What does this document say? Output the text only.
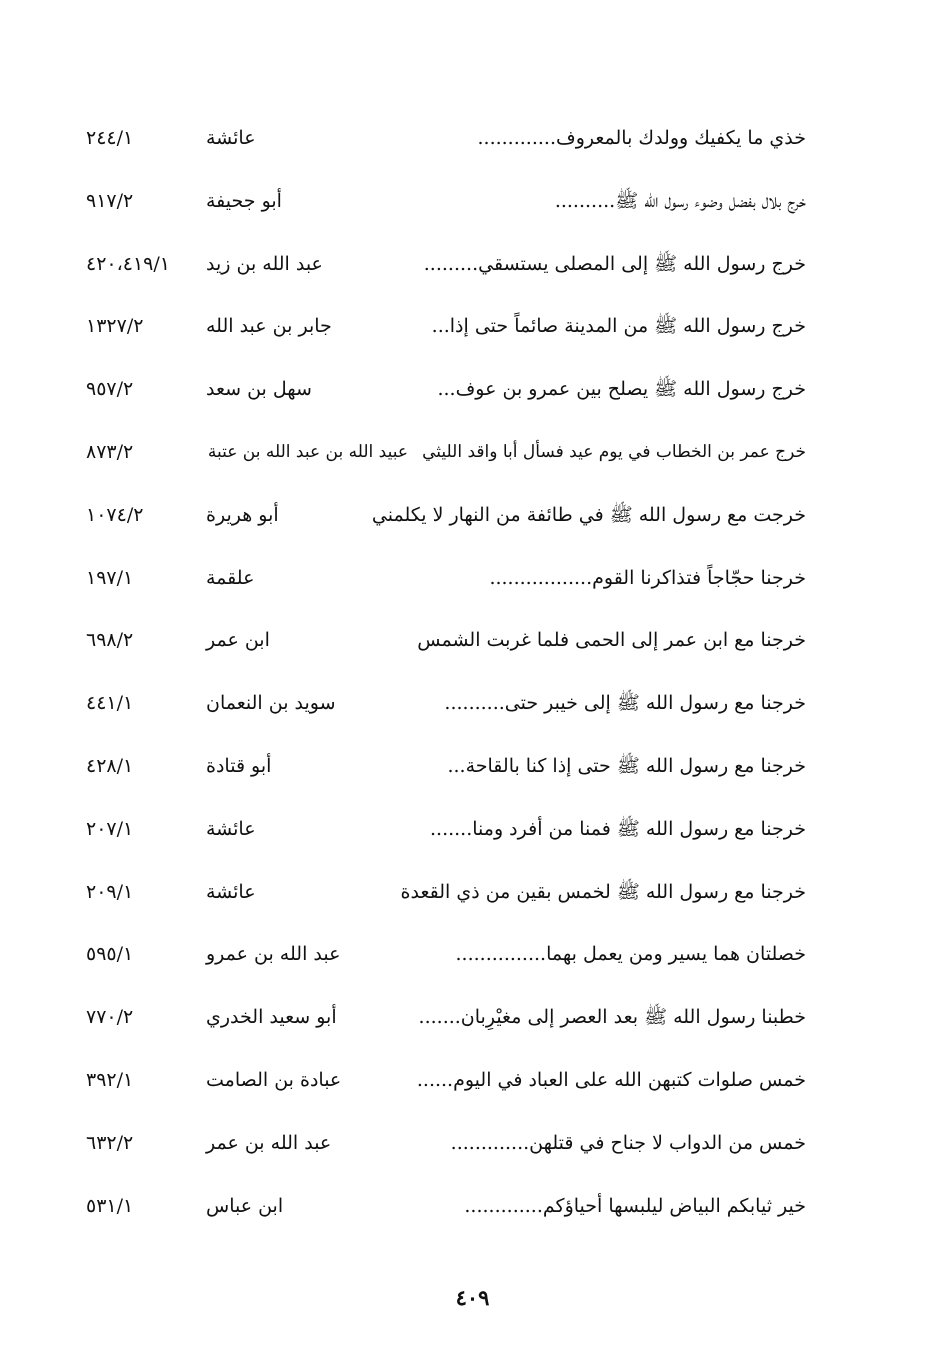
خذي ما يكفيك وولدك بالمعروف.............
عائشة
٢٤٤/١
خرج بلال بفضل وضوء رسول الله ﷺ..........
أبو جحيفة
٩١٧/٢
خرج رسول الله ﷺ إلى المصلى يستسقي.........
عبد الله بن زيد
٤٢٠،٤١٩/١
خرج رسول الله ﷺ من المدينة صائماً حتى إذا...
جابر بن عبد الله
١٣٢٧/٢
خرج رسول الله ﷺ يصلح بين عمرو بن عوف...
سهل بن سعد
٩٥٧/٢
خرج عمر بن الخطاب في يوم عيد فسأل أبا واقد الليثي
عبيد الله بن عبد الله بن عتبة
٨٧٣/٢
خرجت مع رسول الله ﷺ في طائفة من النهار لا يكلمني
أبو هريرة
١٠٧٤/٢
خرجنا حجّاجاً فتذاكرنا القوم.................
علقمة
١٩٧/١
خرجنا مع ابن عمر إلى الحمى فلما غربت الشمس
ابن عمر
٦٩٨/٢
خرجنا مع رسول الله ﷺ إلى خيبر حتى..........
سويد بن النعمان
٤٤١/١
خرجنا مع رسول الله ﷺ حتى إذا كنا بالقاحة...
أبو قتادة
٤٢٨/١
خرجنا مع رسول الله ﷺ فمنا من أفرد ومنا.......
عائشة
٢٠٧/١
خرجنا مع رسول الله ﷺ لخمس بقين من ذي القعدة
عائشة
٢٠٩/١
خصلتان هما يسير ومن يعمل بهما...............
عبد الله بن عمرو
٥٩٥/١
خطبنا رسول الله ﷺ بعد العصر إلى مغيْرِبان.......
أبو سعيد الخدري
٧٧٠/٢
خمس صلوات كتبهن الله على العباد في اليوم......
عبادة بن الصامت
٣٩٢/١
خمس من الدواب لا جناح في قتلهن.............
عبد الله بن عمر
٦٣٢/٢
خير ثيابكم البياض ليلبسها أحياؤكم.............
ابن عباس
٥٣١/١
٤٠٩
